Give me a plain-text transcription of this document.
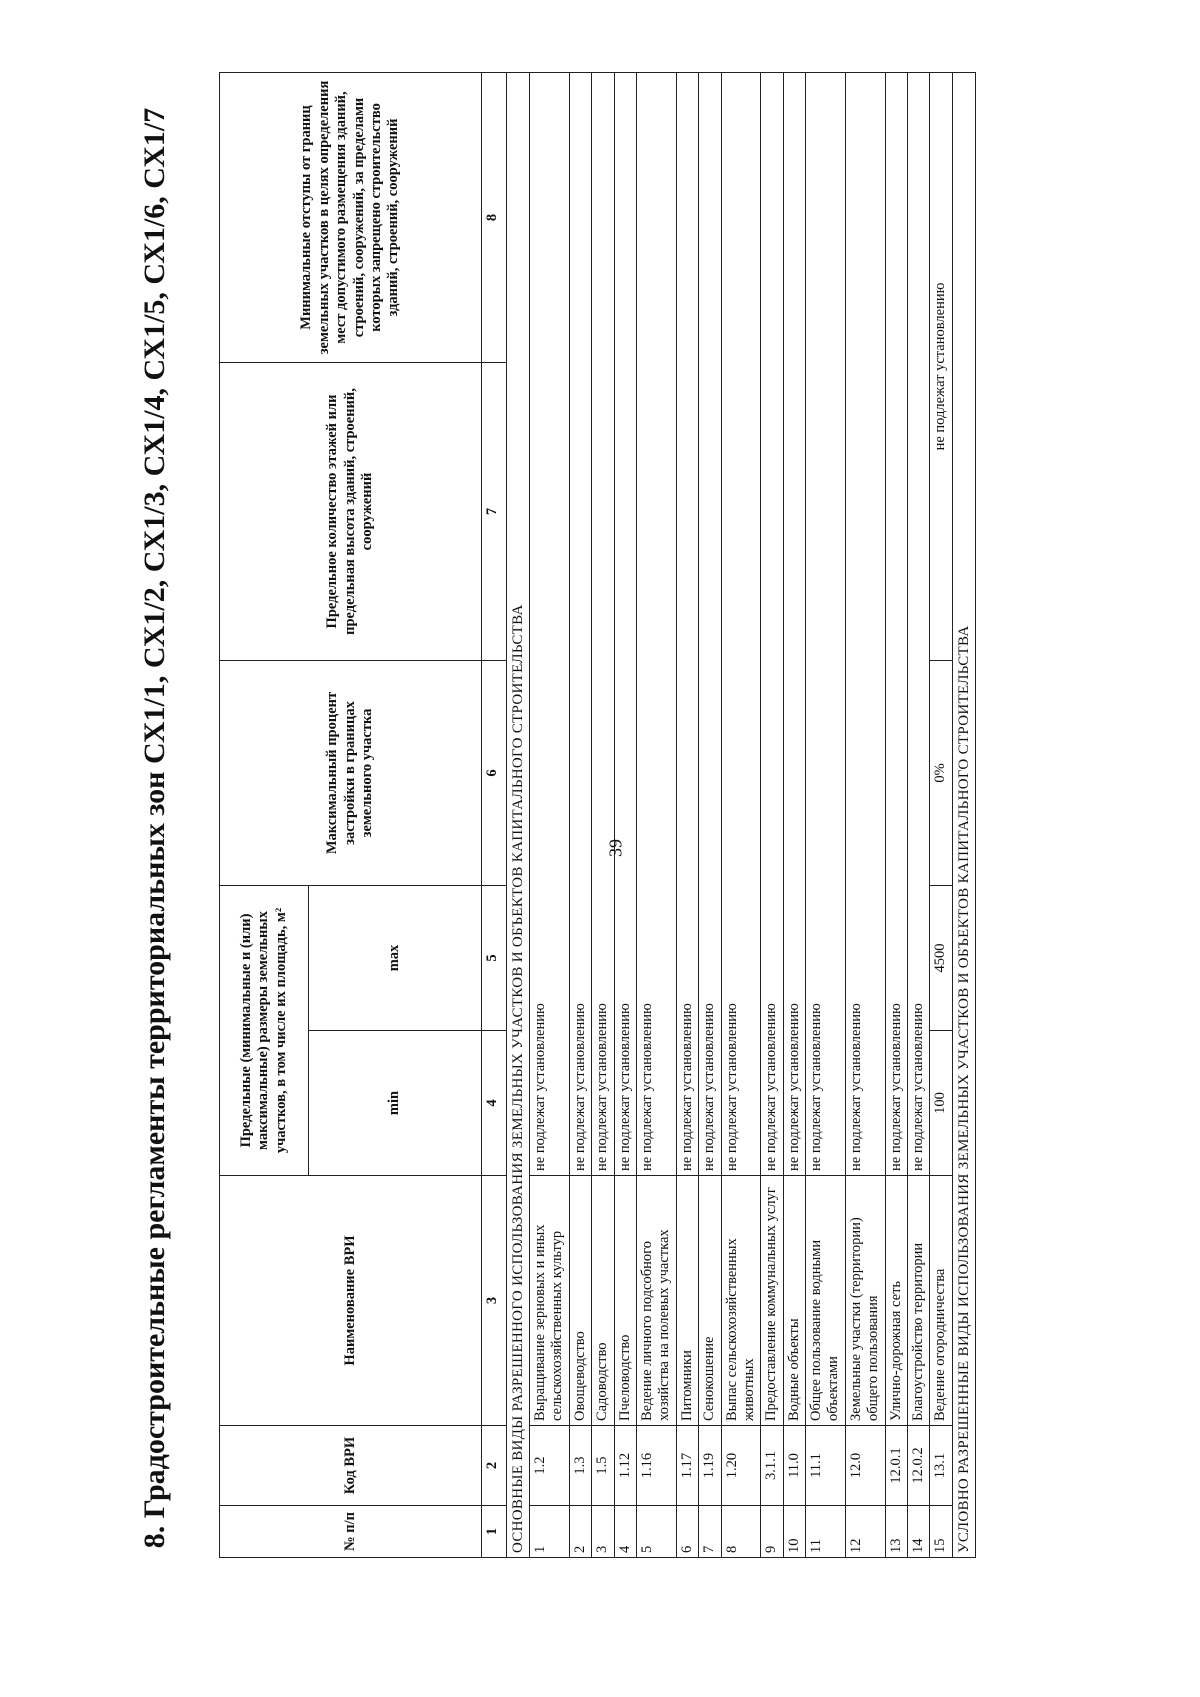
39
8. Градостроительные регламенты территориальных зон СХ1/1, СХ1/2, СХ1/3, СХ1/4, СХ1/5, СХ1/6, СХ1/7	№ п/п	Код ВРИ	Наименование ВРИ	Предельные (минимальные и (или) максимальные) размеры земельных участков, в том числе их площадь, м²		Максимальный процент застройки в границах земельного участка	Предельное количество этажей или предельная высота зданий, строений, сооружений	Минимальные отступы от границ земельных участков в целях определения мест допустимого размещения зданий, строений, сооружений, за пределами которых запрещено строительство зданий, строений, сооружений
			min	max			
1	2	3	4	5	6	7	8
ОСНОВНЫЕ ВИДЫ РАЗРЕШЕННОГО ИСПОЛЬЗОВАНИЯ ЗЕМЕЛЬНЫХ УЧАСТКОВ И ОБЪЕКТОВ КАПИТАЛЬНОГО СТРОИТЕЛЬСТВА							
1	1.2	Выращивание зерновых и иных сельскохозяйственных культур	не подлежат установлению				
2	1.3	Овощеводство	не подлежат установлению				
3	1.5	Садоводство	не подлежат установлению				
4	1.12	Пчеловодство	не подлежат установлению				
5	1.16	Ведение личного подсобного хозяйства на полевых участках	не подлежат установлению				
6	1.17	Питомники	не подлежат установлению				
7	1.19	Сенокошение	не подлежат установлению				
8	1.20	Выпас сельскохозяйственных животных	не подлежат установлению				
9	3.1.1	Предоставление коммунальных услуг	не подлежат установлению				
10	11.0	Водные объекты	не подлежат установлению				
11	11.1	Общее пользование водными объектами	не подлежат установлению				
12	12.0	Земельные участки (территории) общего пользования	не подлежат установлению				
13	12.0.1	Улично-дорожная сеть	не подлежат установлению				
14	12.0.2	Благоустройство территории	не подлежат установлению				
15	13.1	Ведение огородничества	100	4500	0%	не подлежат установлению	
УСЛОВНО РАЗРЕШЕННЫЕ ВИДЫ ИСПОЛЬЗОВАНИЯ ЗЕМЕЛЬНЫХ УЧАСТКОВ И ОБЪЕКТОВ КАПИТАЛЬНОГО СТРОИТЕЛЬСТВА							
